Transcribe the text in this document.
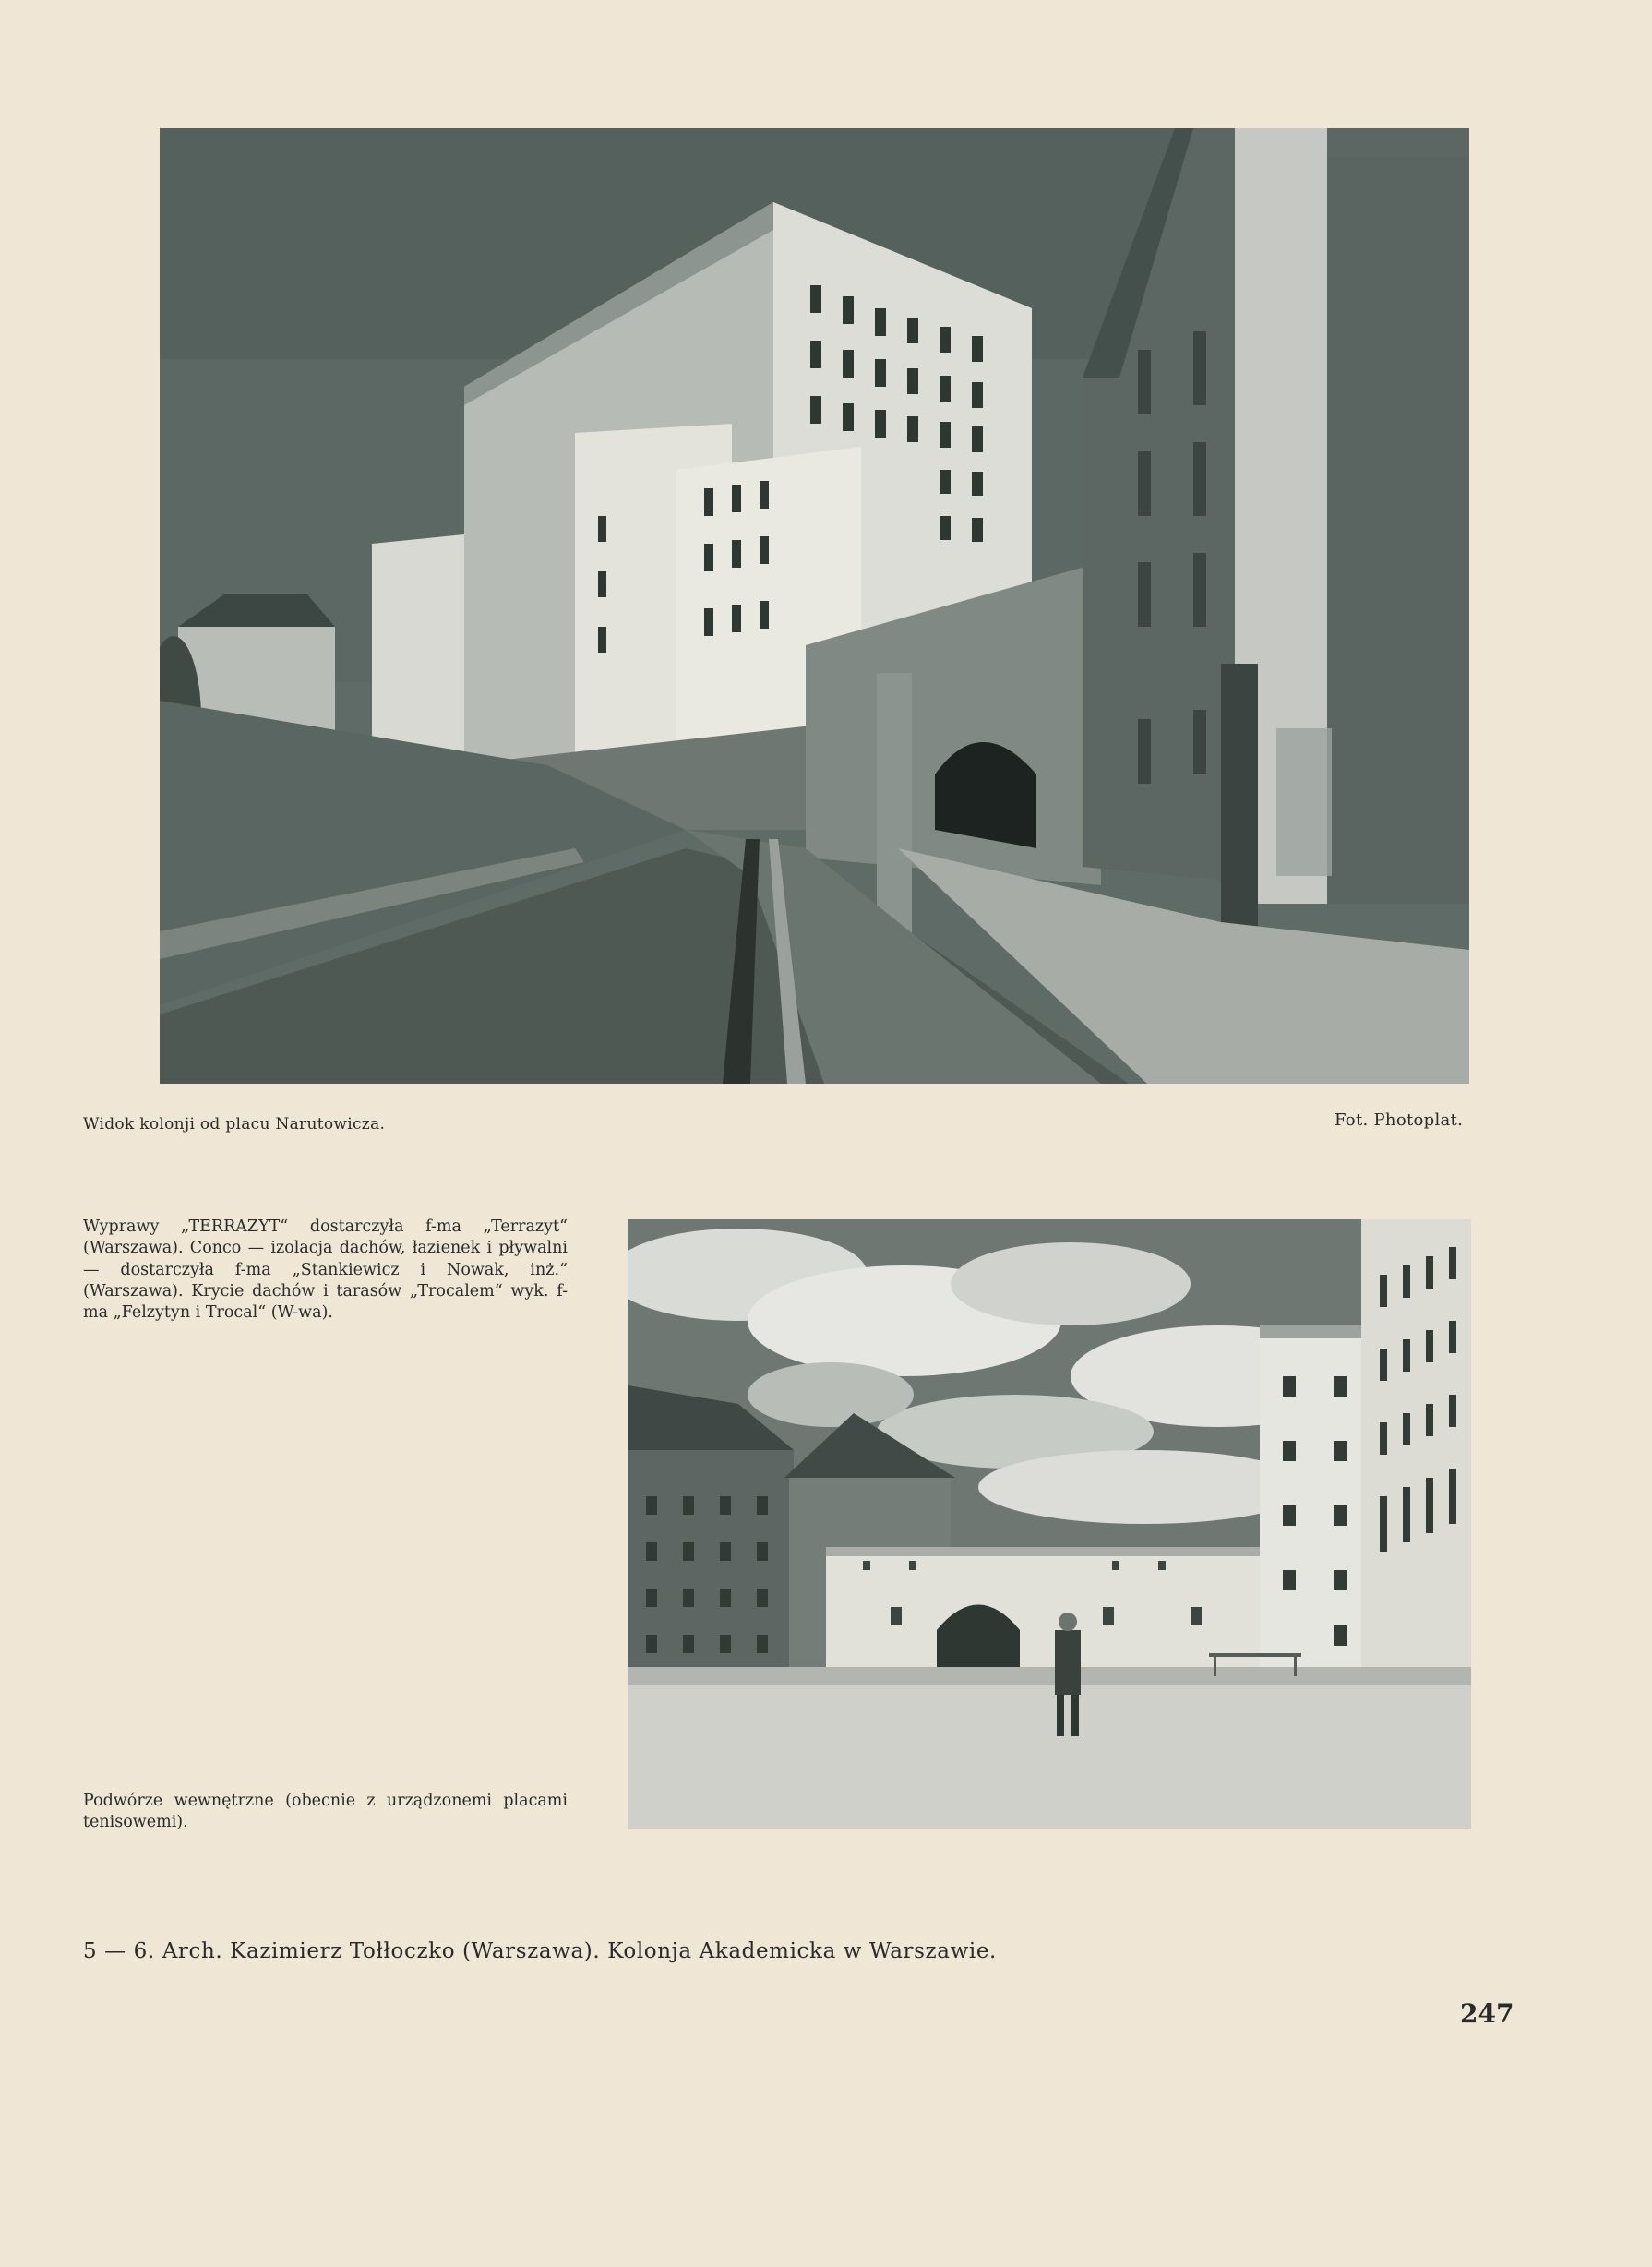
Widok kolonji od placu Narutowicza.	Fot. Photoplat.
Wyprawy „TERRAZYT“ dostarczyła f-ma „Terrazyt“ (Warszawa). Conco — izolacja dachów, łazienek i pływalni — dostarczyła f-ma „Stankiewicz i Nowak, inż.“ (Warszawa). Krycie dachów i tarasów „Trocalem“ wyk. f-ma „Felzytyn i Trocal“ (W-wa).
Podwórze wewnętrzne (obecnie z urządzonemi placami tenisowemi).
5 — 6. Arch. Kazimierz Tołłoczko (Warszawa). Kolonja Akademicka w Warszawie.
247
